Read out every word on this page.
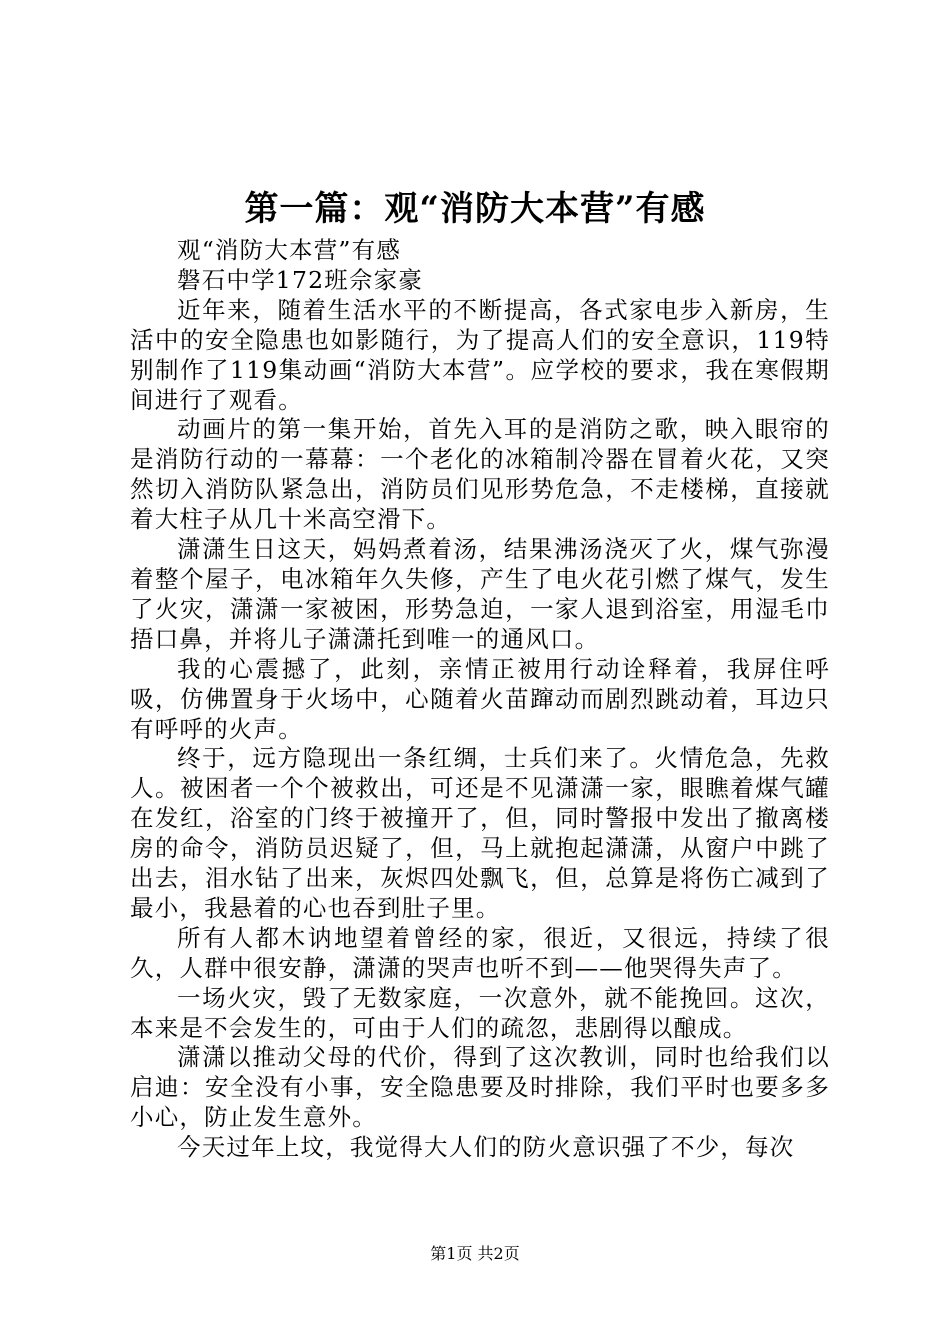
第一篇：观“消防大本营”有感

观“消防大本营”有感

磐石中学172班佘家豪

近年来，随着生活水平的不断提高，各式家电步入新房，生活中的安全隐患也如影随行，为了提高人们的安全意识，119特别制作了119集动画“消防大本营”。应学校的要求，我在寒假期间进行了观看。

动画片的第一集开始，首先入耳的是消防之歌，映入眼帘的是消防行动的一幕幕：一个老化的冰箱制冷器在冒着火花，又突然切入消防队紧急出，消防员们见形势危急，不走楼梯，直接就着大柱子从几十米高空滑下。

潇潇生日这天，妈妈煮着汤，结果沸汤浇灭了火，煤气弥漫着整个屋子，电冰箱年久失修，产生了电火花引燃了煤气，发生了火灾，潇潇一家被困，形势急迫，一家人退到浴室，用湿毛巾捂口鼻，并将儿子潇潇托到唯一的通风口。

我的心震撼了，此刻，亲情正被用行动诠释着，我屏住呼吸，仿佛置身于火场中，心随着火苗蹿动而剧烈跳动着，耳边只有呼呼的火声。

终于，远方隐现出一条红绸，士兵们来了。火情危急，先救人。被困者一个个被救出，可还是不见潇潇一家，眼瞧着煤气罐在发红，浴室的门终于被撞开了，但，同时警报中发出了撤离楼房的命令，消防员迟疑了，但，马上就抱起潇潇，从窗户中跳了出去，泪水钻了出来，灰烬四处飘飞，但，总算是将伤亡减到了最小，我悬着的心也吞到肚子里。

所有人都木讷地望着曾经的家，很近，又很远，持续了很久，人群中很安静，潇潇的哭声也听不到——他哭得失声了。

一场火灾，毁了无数家庭，一次意外，就不能挽回。这次，本来是不会发生的，可由于人们的疏忽，悲剧得以酿成。

潇潇以推动父母的代价，得到了这次教训，同时也给我们以启迪：安全没有小事，安全隐患要及时排除，我们平时也要多多小心，防止发生意外。

今天过年上坟，我觉得大人们的防火意识强了不少，每次

第1页 共2页
